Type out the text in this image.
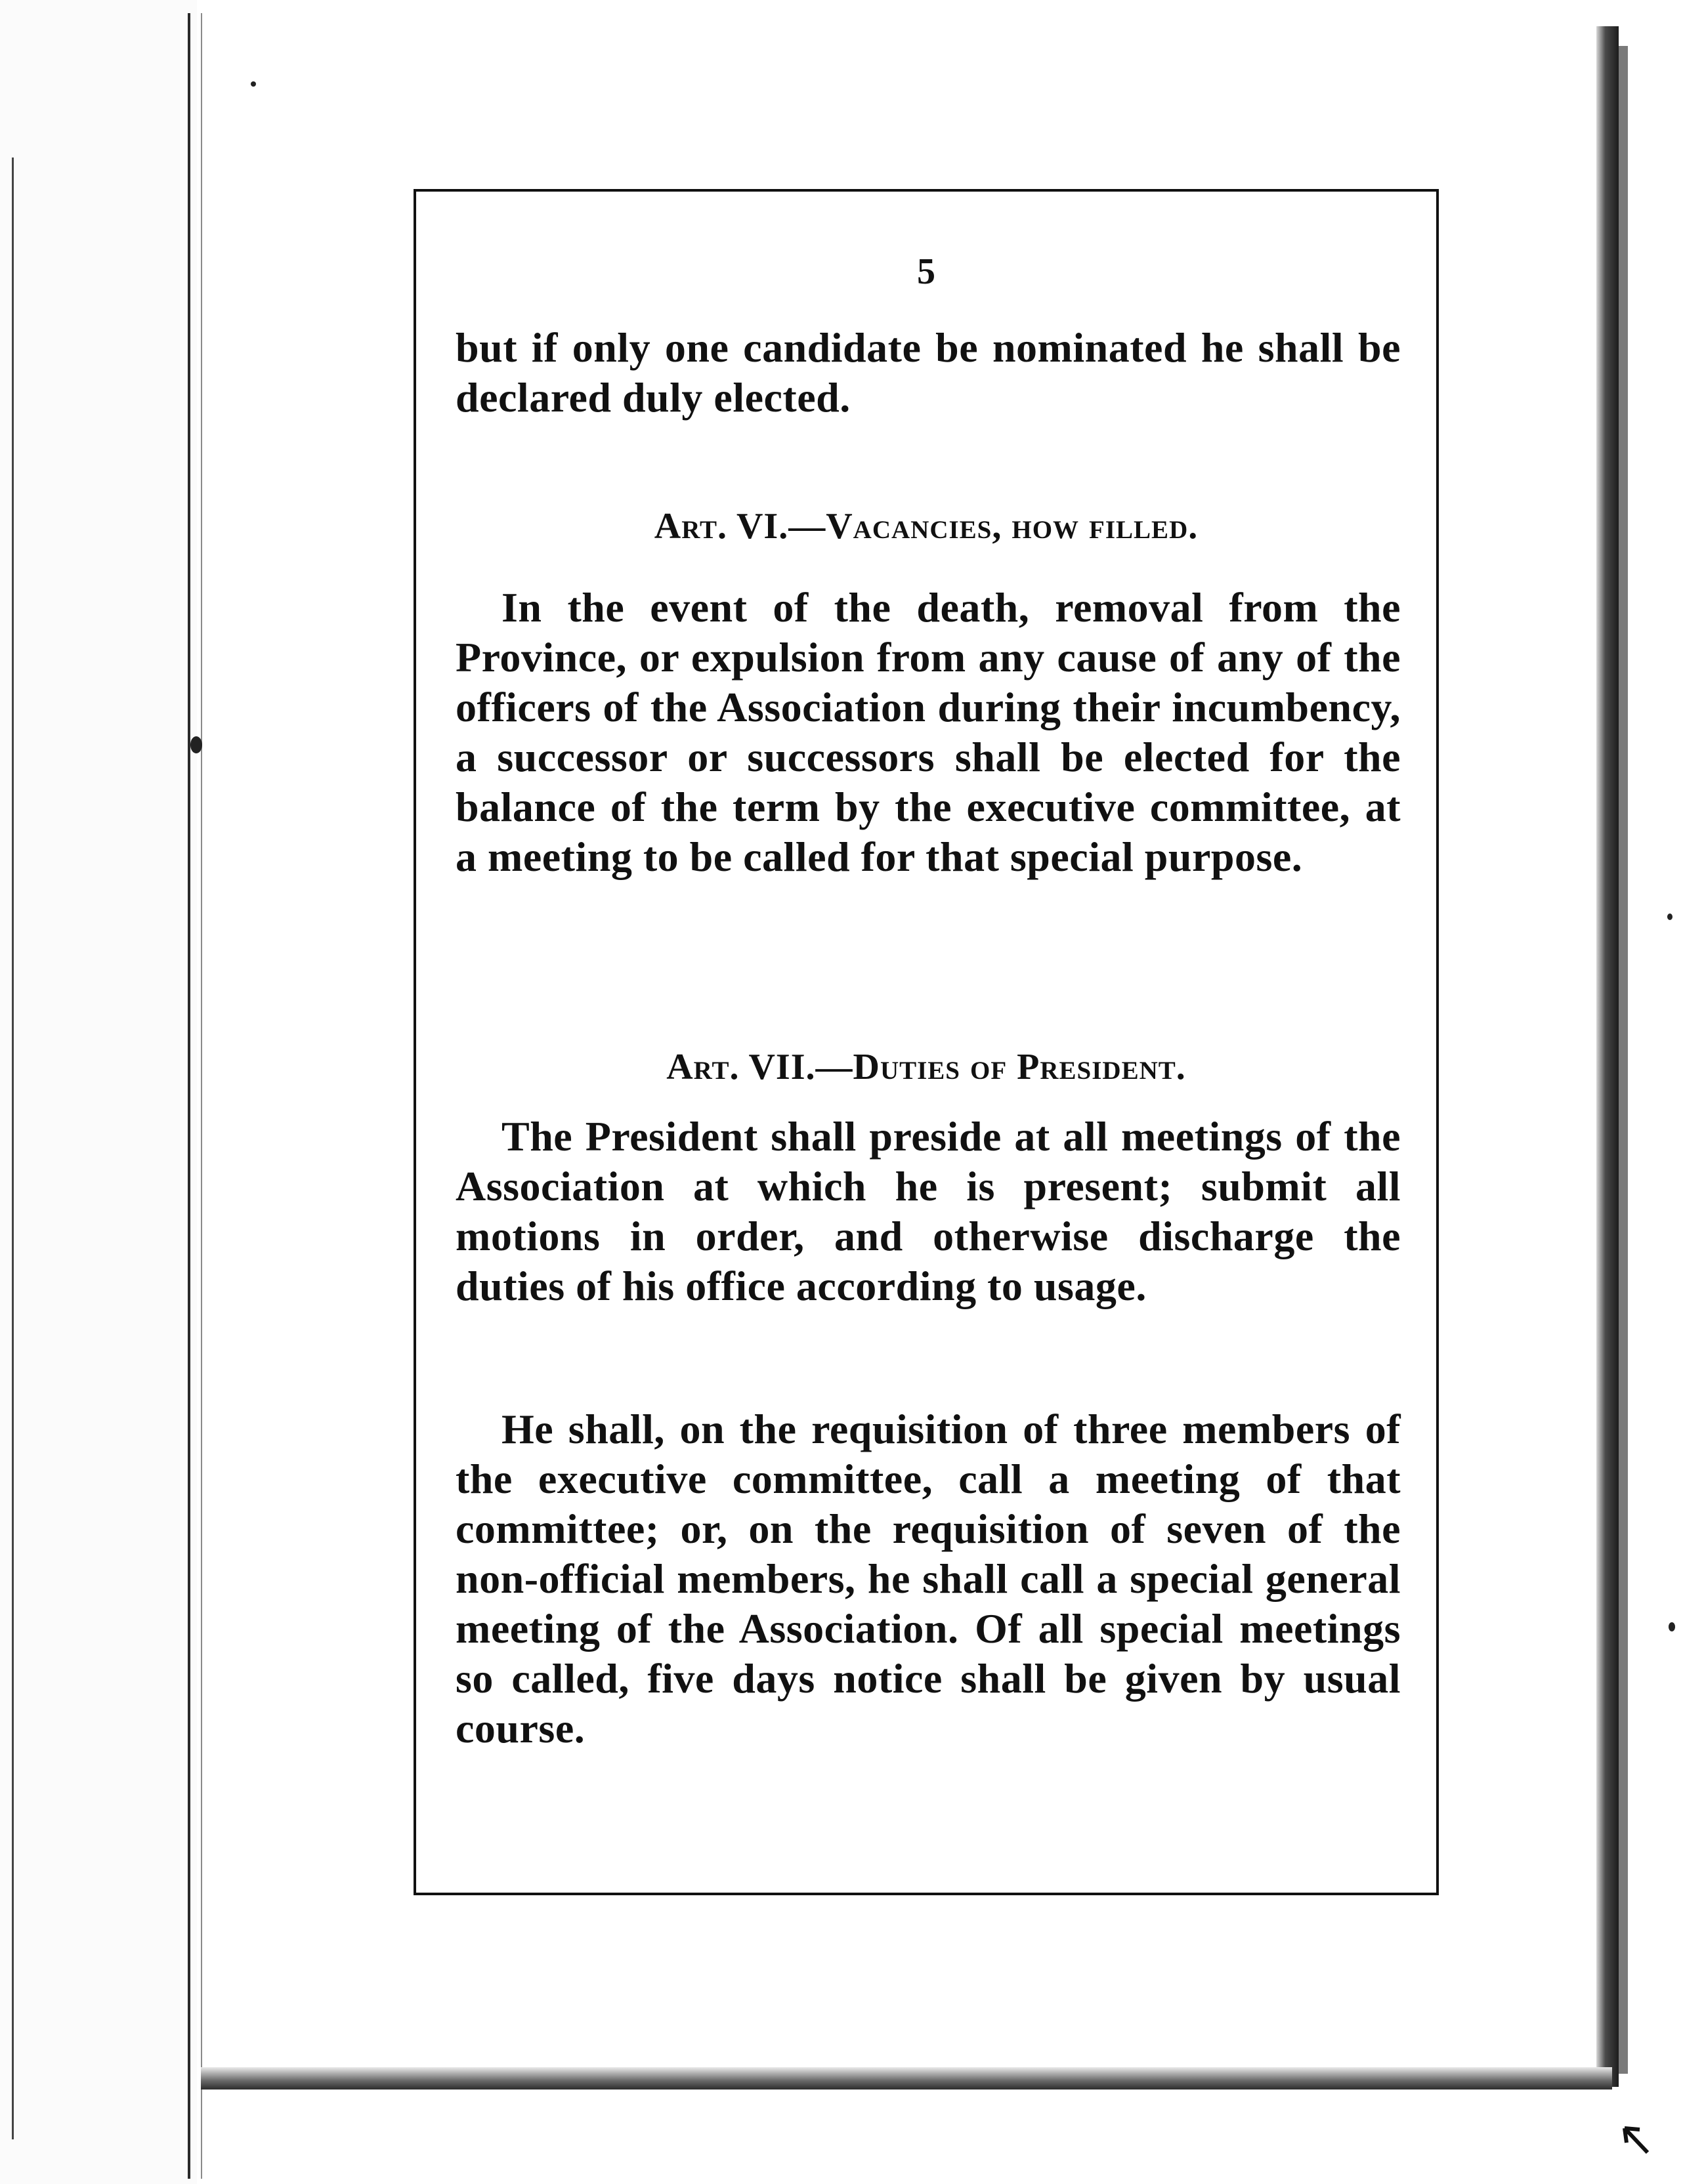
5

but if only one candidate be nominated he shall be declared duly elected.

Art. VI.—Vacancies, how filled.

In the event of the death, removal from the Province, or expulsion from any cause of any of the officers of the Association during their incumbency, a successor or successors shall be elected for the balance of the term by the executive committee, at a meeting to be called for that special purpose.

Art. VII.—Duties of President.

The President shall preside at all meetings of the Association at which he is present; submit all motions in order, and otherwise discharge the duties of his office according to usage.

He shall, on the requisition of three members of the executive committee, call a meeting of that committee; or, on the requisition of seven of the non-official members, he shall call a special general meeting of the Association. Of all special meetings so called, five days notice shall be given by usual course.
